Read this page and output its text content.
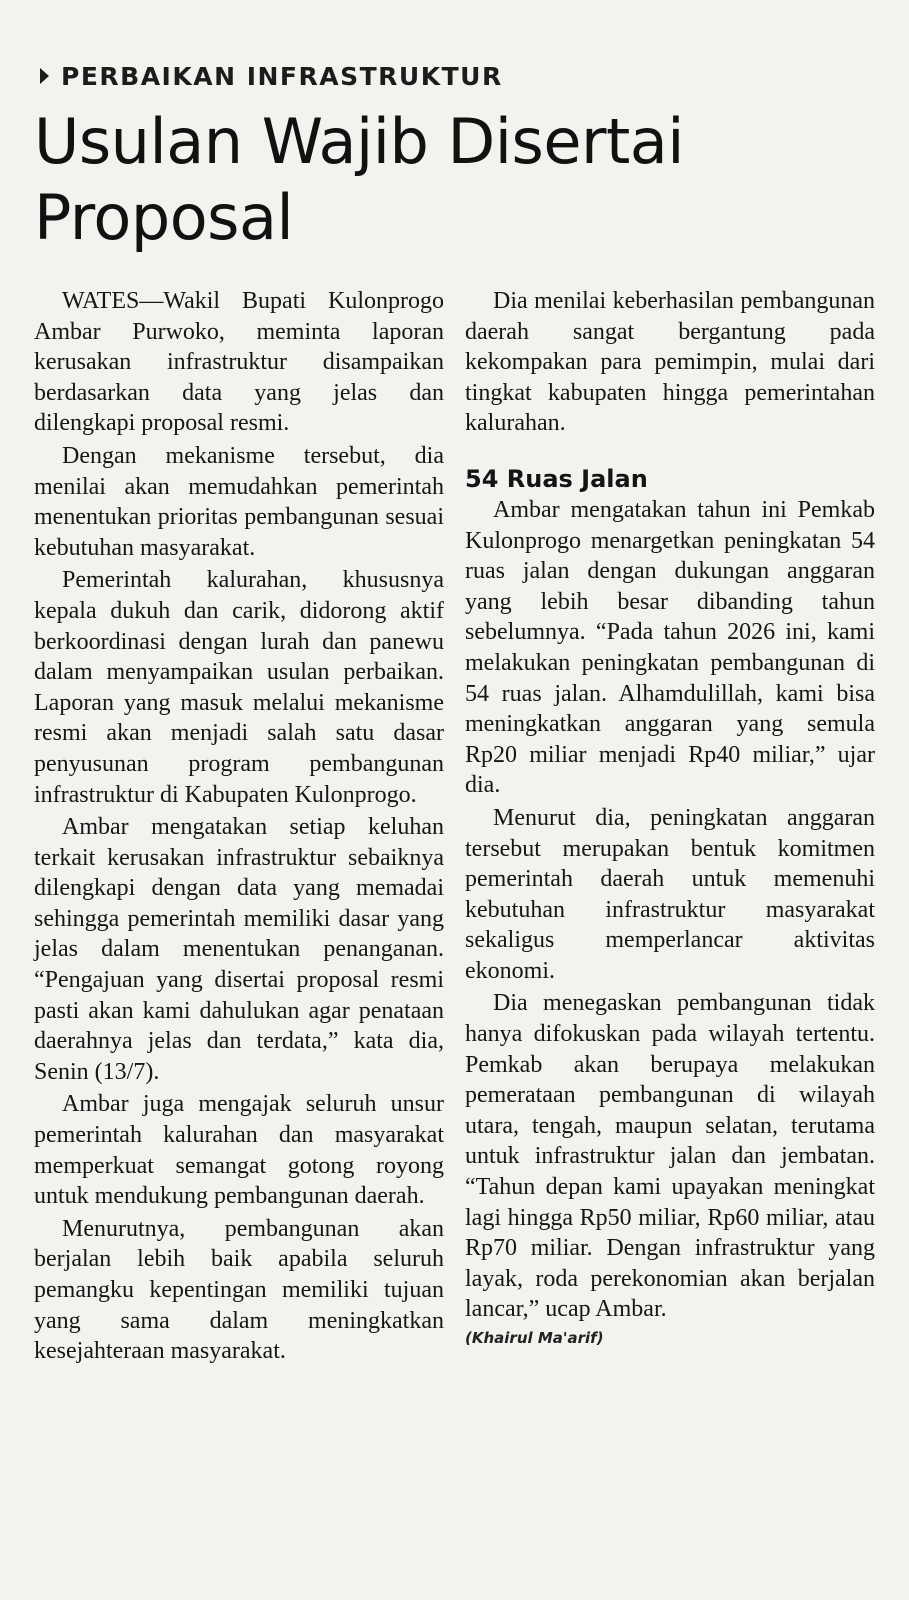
PERBAIKAN INFRASTRUKTUR
Usulan Wajib Disertai Proposal

WATES—Wakil Bupati Kulonprogo Ambar Purwoko, meminta laporan kerusakan infrastruktur disampaikan berdasarkan data yang jelas dan dilengkapi proposal resmi.

Dengan mekanisme tersebut, dia menilai akan memudahkan pemerintah menentukan prioritas pembangunan sesuai kebutuhan masyarakat.

Pemerintah kalurahan, khususnya kepala dukuh dan carik, didorong aktif berkoordinasi dengan lurah dan panewu dalam menyampaikan usulan perbaikan. Laporan yang masuk melalui mekanisme resmi akan menjadi salah satu dasar penyusunan program pembangunan infrastruktur di Kabupaten Kulonprogo.

Ambar mengatakan setiap keluhan terkait kerusakan infrastruktur sebaiknya dilengkapi dengan data yang memadai sehingga pemerintah memiliki dasar yang jelas dalam menentukan penanganan. “Pengajuan yang disertai proposal resmi pasti akan kami dahulukan agar penataan daerahnya jelas dan terdata,” kata dia, Senin (13/7).

Ambar juga mengajak seluruh unsur pemerintah kalurahan dan masyarakat memperkuat semangat gotong royong untuk mendukung pembangunan daerah.

Menurutnya, pembangunan akan berjalan lebih baik apabila seluruh pemangku kepentingan memiliki tujuan yang sama dalam meningkatkan kesejahteraan masyarakat.

Dia menilai keberhasilan pembangunan daerah sangat bergantung pada kekompakan para pemimpin, mulai dari tingkat kabupaten hingga pemerintahan kalurahan.

54 Ruas Jalan

Ambar mengatakan tahun ini Pemkab Kulonprogo menargetkan peningkatan 54 ruas jalan dengan dukungan anggaran yang lebih besar dibanding tahun sebelumnya. “Pada tahun 2026 ini, kami melakukan peningkatan pembangunan di 54 ruas jalan. Alhamdulillah, kami bisa meningkatkan anggaran yang semula Rp20 miliar menjadi Rp40 miliar,” ujar dia.

Menurut dia, peningkatan anggaran tersebut merupakan bentuk komitmen pemerintah daerah untuk memenuhi kebutuhan infrastruktur masyarakat sekaligus memperlancar aktivitas ekonomi.

Dia menegaskan pembangunan tidak hanya difokuskan pada wilayah tertentu. Pemkab akan berupaya melakukan pemerataan pembangunan di wilayah utara, tengah, maupun selatan, terutama untuk infrastruktur jalan dan jembatan. “Tahun depan kami upayakan meningkat lagi hingga Rp50 miliar, Rp60 miliar, atau Rp70 miliar. Dengan infrastruktur yang layak, roda perekonomian akan berjalan lancar,” ucap Ambar.

(Khairul Ma'arif)
